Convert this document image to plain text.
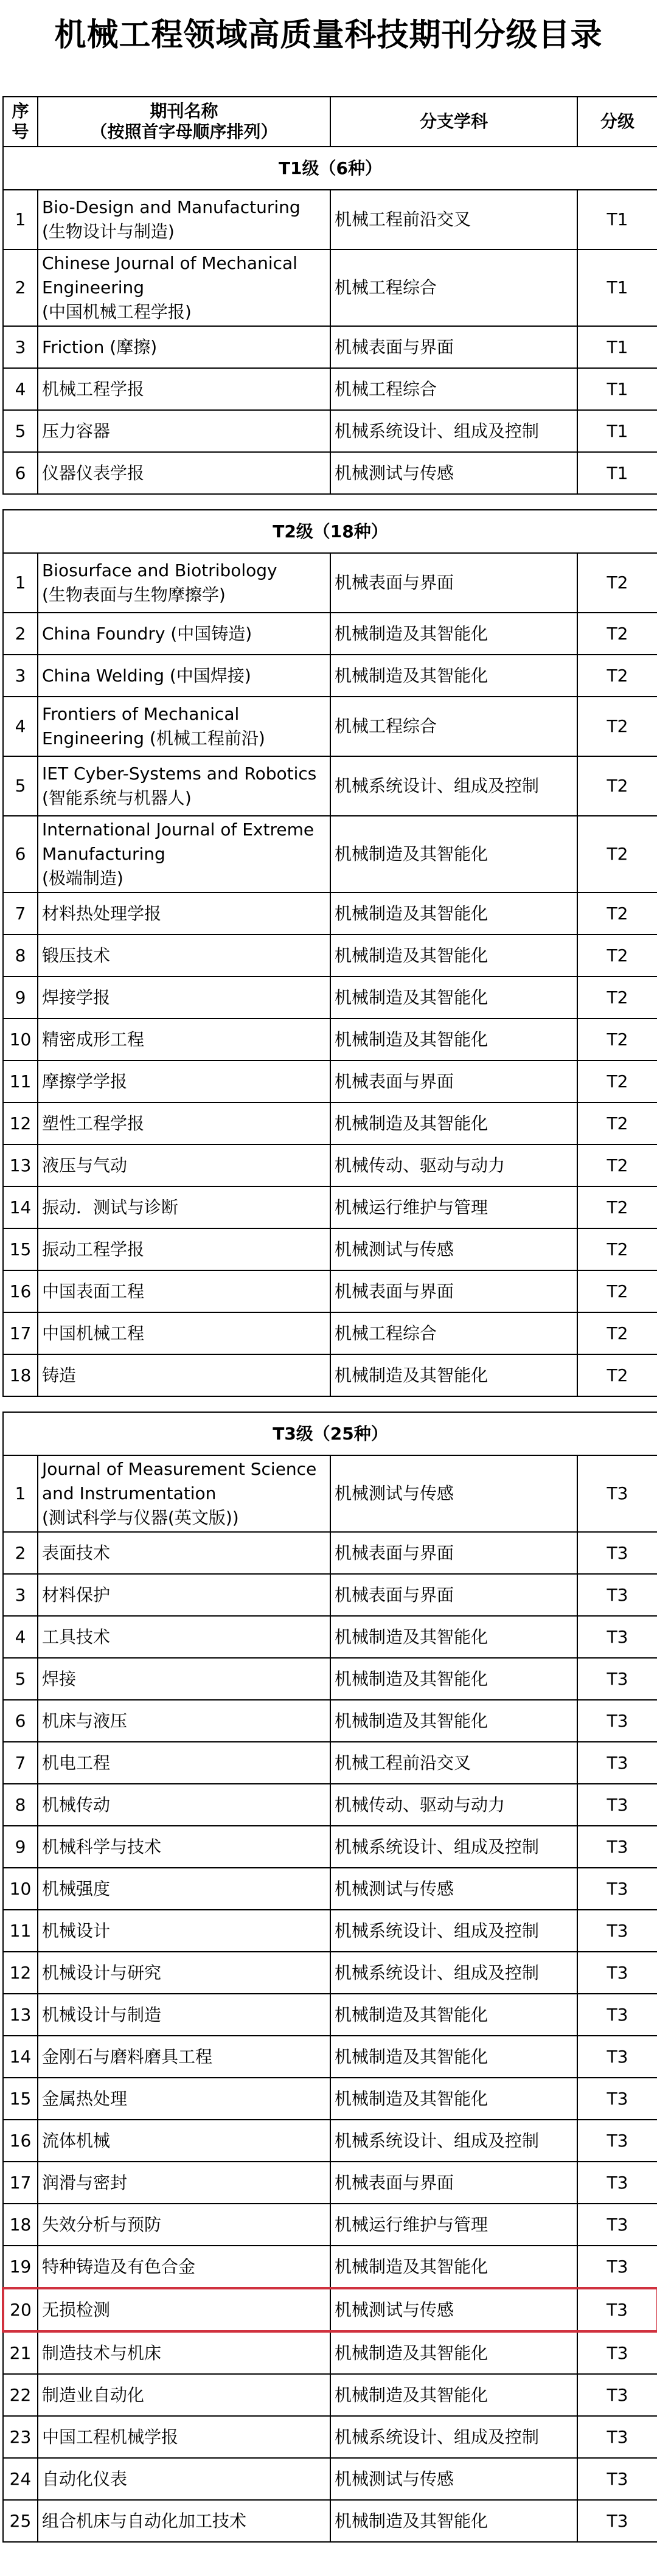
机械工程领域高质量科技期刊分级目录
序号	期刊名称
（按照首字母顺序排列）	分支学科	分级
T1级（6种）			
1	Bio-Design and Manufacturing
(生物设计与制造)	机械工程前沿交叉	T1
2	Chinese Journal of Mechanical
Engineering
(中国机械工程学报)	机械工程综合	T1
3	Friction (摩擦)	机械表面与界面	T1
4	机械工程学报	机械工程综合	T1
5	压力容器	机械系统设计、组成及控制	T1
6	仪器仪表学报	机械测试与传感	T1

T2级（18种）			
1	Biosurface and Biotribology
(生物表面与生物摩擦学)	机械表面与界面	T2
2	China Foundry (中国铸造)	机械制造及其智能化	T2
3	China Welding (中国焊接)	机械制造及其智能化	T2
4	Frontiers of Mechanical
Engineering (机械工程前沿)	机械工程综合	T2
5	IET Cyber-Systems and Robotics
(智能系统与机器人)	机械系统设计、组成及控制	T2
6	International Journal of Extreme
Manufacturing
(极端制造)	机械制造及其智能化	T2
7	材料热处理学报	机械制造及其智能化	T2
8	锻压技术	机械制造及其智能化	T2
9	焊接学报	机械制造及其智能化	T2
10	精密成形工程	机械制造及其智能化	T2
11	摩擦学学报	机械表面与界面	T2
12	塑性工程学报	机械制造及其智能化	T2
13	液压与气动	机械传动、驱动与动力	T2
14	振动．测试与诊断	机械运行维护与管理	T2
15	振动工程学报	机械测试与传感	T2
16	中国表面工程	机械表面与界面	T2
17	中国机械工程	机械工程综合	T2
18	铸造	机械制造及其智能化	T2

T3级（25种）			
1	Journal of Measurement Science
and Instrumentation
(测试科学与仪器(英文版))	机械测试与传感	T3
2	表面技术	机械表面与界面	T3
3	材料保护	机械表面与界面	T3
4	工具技术	机械制造及其智能化	T3
5	焊接	机械制造及其智能化	T3
6	机床与液压	机械制造及其智能化	T3
7	机电工程	机械工程前沿交叉	T3
8	机械传动	机械传动、驱动与动力	T3
9	机械科学与技术	机械系统设计、组成及控制	T3
10	机械强度	机械测试与传感	T3
11	机械设计	机械系统设计、组成及控制	T3
12	机械设计与研究	机械系统设计、组成及控制	T3
13	机械设计与制造	机械制造及其智能化	T3
14	金刚石与磨料磨具工程	机械制造及其智能化	T3
15	金属热处理	机械制造及其智能化	T3
16	流体机械	机械系统设计、组成及控制	T3
17	润滑与密封	机械表面与界面	T3
18	失效分析与预防	机械运行维护与管理	T3
19	特种铸造及有色合金	机械制造及其智能化	T3
20	无损检测	机械测试与传感	T3
21	制造技术与机床	机械制造及其智能化	T3
22	制造业自动化	机械制造及其智能化	T3
23	中国工程机械学报	机械系统设计、组成及控制	T3
24	自动化仪表	机械测试与传感	T3
25	组合机床与自动化加工技术	机械制造及其智能化	T3
